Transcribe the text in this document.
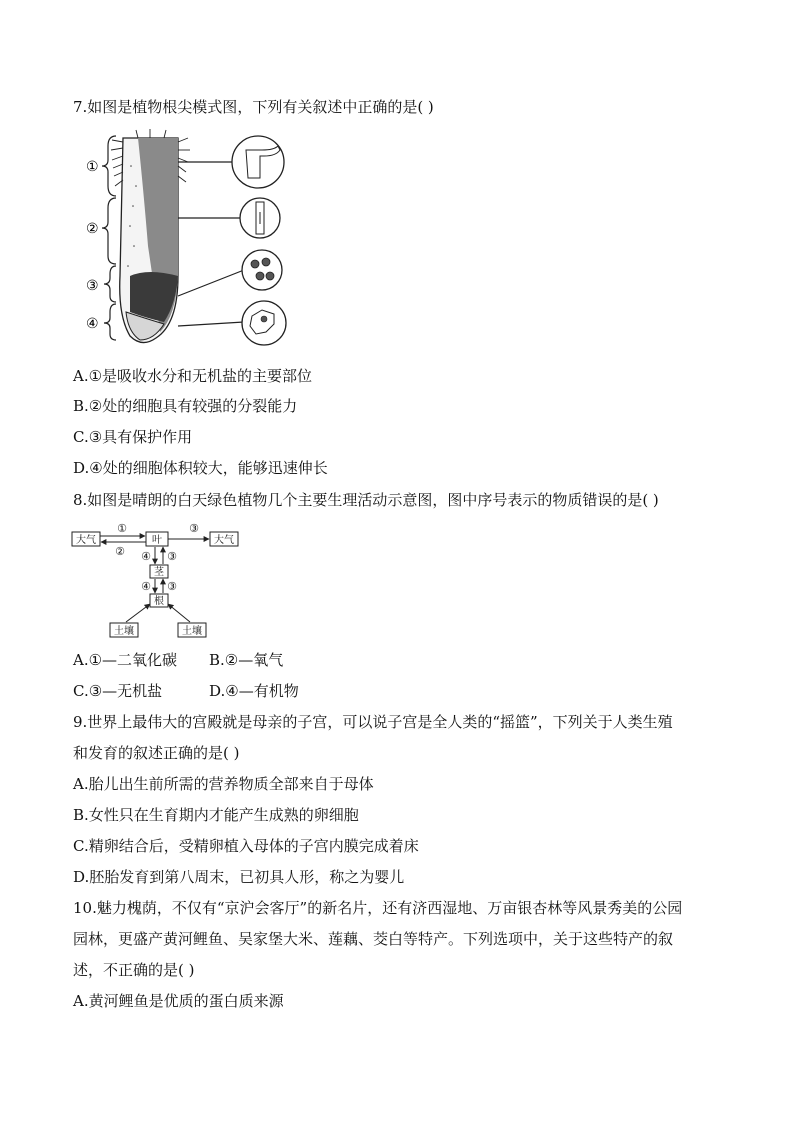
7.如图是植物根尖模式图，下列有关叙述中正确的是( )
①
②
③
④
A.①是吸收水分和无机盐的主要部位
B.②处的细胞具有较强的分裂能力
C.③具有保护作用
D.④处的细胞体积较大，能够迅速伸长
8.如图是晴朗的白天绿色植物几个主要生理活动示意图，图中序号表示的物质错误的是( )
大气	叶	大气
茎
根
土壤	土壤
①
②
③
④ ③
④ ③
A.①—二氧化碳 B.②—氧气
C.③—无机盐	D.④—有机物
9.世界上最伟大的宫殿就是母亲的子宫，可以说子宫是全人类的“摇篮”，下列关于人类生殖
和发育的叙述正确的是( )
A.胎儿出生前所需的营养物质全部来自于母体
B.女性只在生育期内才能产生成熟的卵细胞
C.精卵结合后，受精卵植入母体的子宫内膜完成着床
D.胚胎发育到第八周末，已初具人形，称之为婴儿
10.魅力槐荫，不仅有“京沪会客厅”的新名片，还有济西湿地、万亩银杏林等风景秀美的公园
园林，更盛产黄河鲤鱼、吴家堡大米、莲藕、茭白等特产。下列选项中，关于这些特产的叙
述，不正确的是( )
A.黄河鲤鱼是优质的蛋白质来源
